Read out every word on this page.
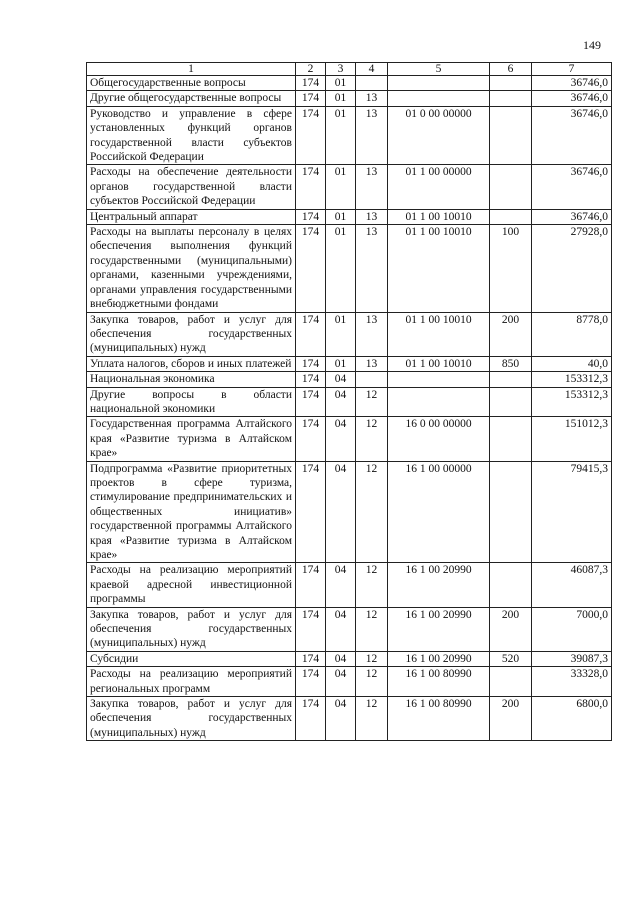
149
1	2	3	4	5	6	7
Общегосударственные вопросы	174	01				36746,0
Другие общегосударственные вопросы	174	01	13			36746,0
Руководство и управление в сфере установленных функций органов государственной власти субъектов Российской Федерации	174	01	13	01 0 00 00000		36746,0
Расходы на обеспечение деятельности органов государственной власти субъектов Российской Федерации	174	01	13	01 1 00 00000		36746,0
Центральный аппарат	174	01	13	01 1 00 10010		36746,0
Расходы на выплаты персоналу в целях обеспечения выполнения функций государственными (муниципальными) органами, казенными учреждениями, органами управления государственными внебюджетными фондами	174	01	13	01 1 00 10010	100	27928,0
Закупка товаров, работ и услуг для обеспечения государственных (муниципальных) нужд	174	01	13	01 1 00 10010	200	8778,0
Уплата налогов, сборов и иных платежей	174	01	13	01 1 00 10010	850	40,0
Национальная экономика	174	04				153312,3
Другие вопросы в области национальной экономики	174	04	12			153312,3
Государственная программа Алтайского края «Развитие туризма в Алтайском крае»	174	04	12	16 0 00 00000		151012,3
Подпрограмма «Развитие приоритетных проектов в сфере туризма, стимулирование предпринимательских и общественных инициатив» государственной программы Алтайского края «Развитие туризма в Алтайском крае»	174	04	12	16 1 00 00000		79415,3
Расходы на реализацию мероприятий краевой адресной инвестиционной программы	174	04	12	16 1 00 20990		46087,3
Закупка товаров, работ и услуг для обеспечения государственных (муниципальных) нужд	174	04	12	16 1 00 20990	200	7000,0
Субсидии	174	04	12	16 1 00 20990	520	39087,3
Расходы на реализацию мероприятий региональных программ	174	04	12	16 1 00 80990		33328,0
Закупка товаров, работ и услуг для обеспечения государственных (муниципальных) нужд	174	04	12	16 1 00 80990	200	6800,0
